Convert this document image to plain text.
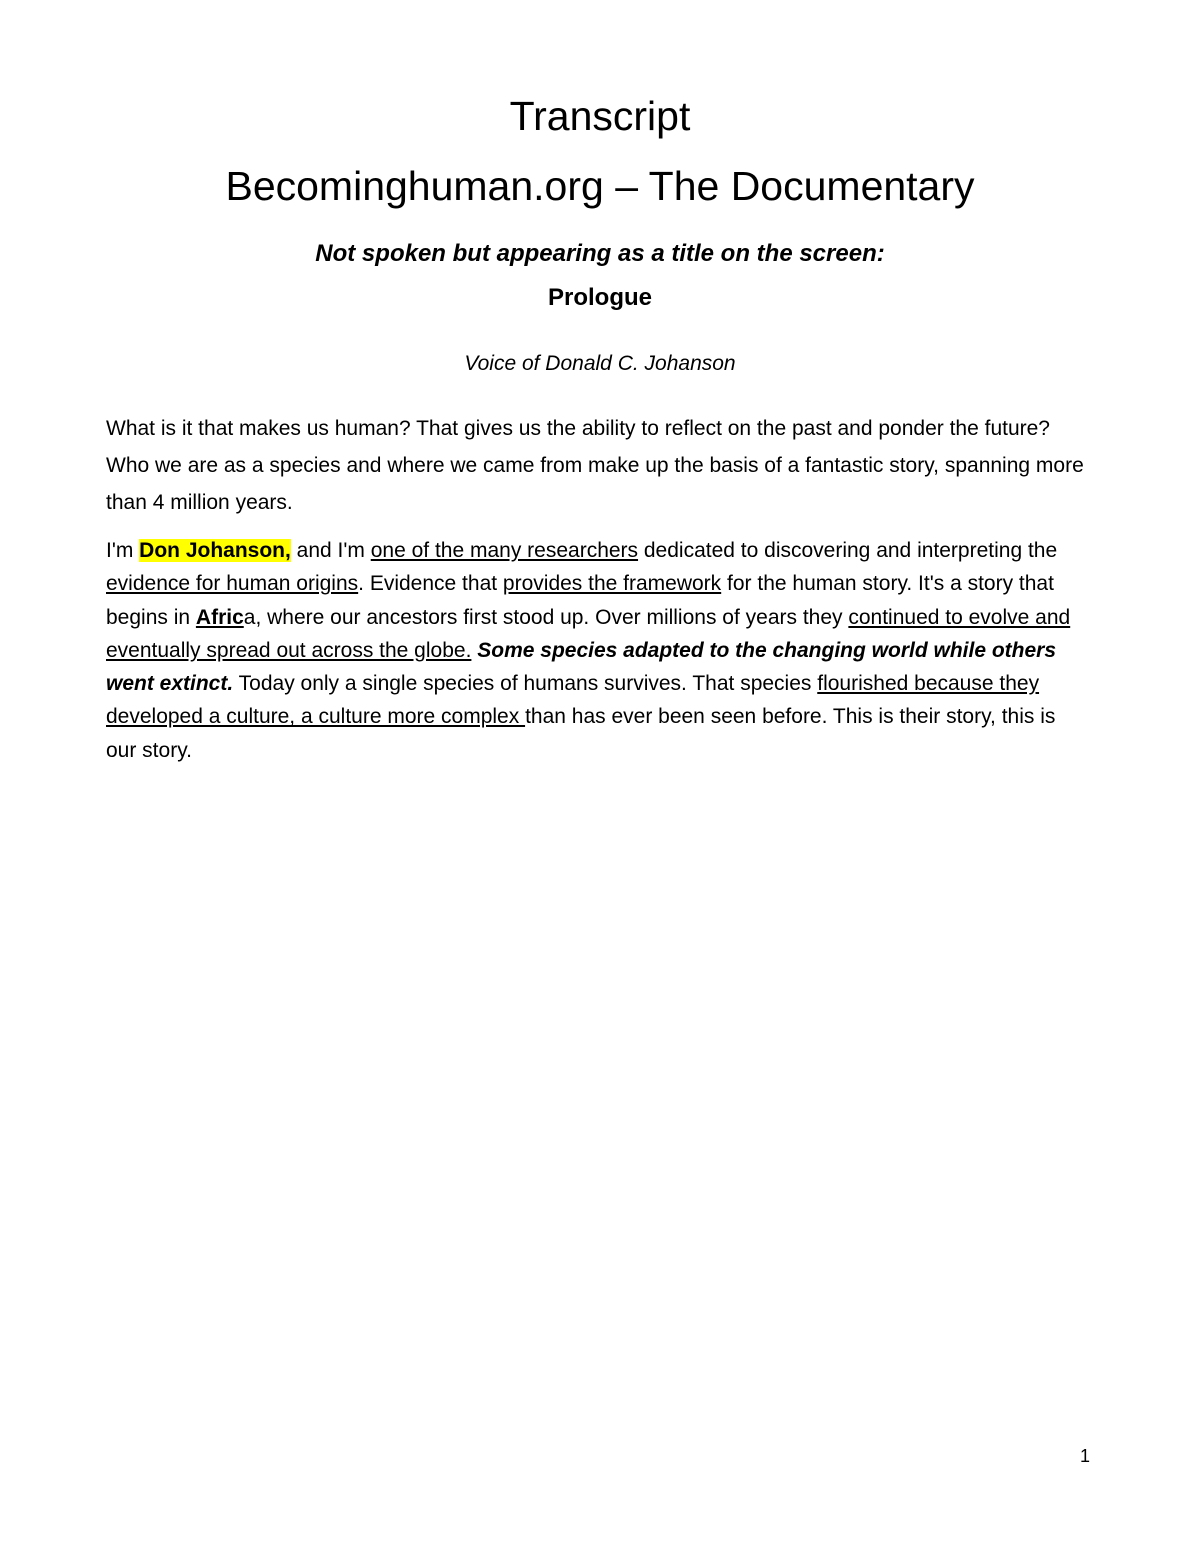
Transcript
Becominghuman.org – The Documentary

Not spoken but appearing as a title on the screen:

Prologue

Voice of Donald C. Johanson

What is it that makes us human? That gives us the ability to reflect on the past and ponder the future? Who we are as a species and where we came from make up the basis of a fantastic story, spanning more than 4 million years.

I'm Don Johanson, and I'm one of the many researchers dedicated to discovering and interpreting the evidence for human origins. Evidence that provides the framework for the human story. It's a story that begins in Africa, where our ancestors first stood up. Over millions of years they continued to evolve and eventually spread out across the globe. Some species adapted to the changing world while others went extinct. Today only a single species of humans survives. That species flourished because they developed a culture, a culture more complex than has ever been seen before. This is their story, this is our story.

1
